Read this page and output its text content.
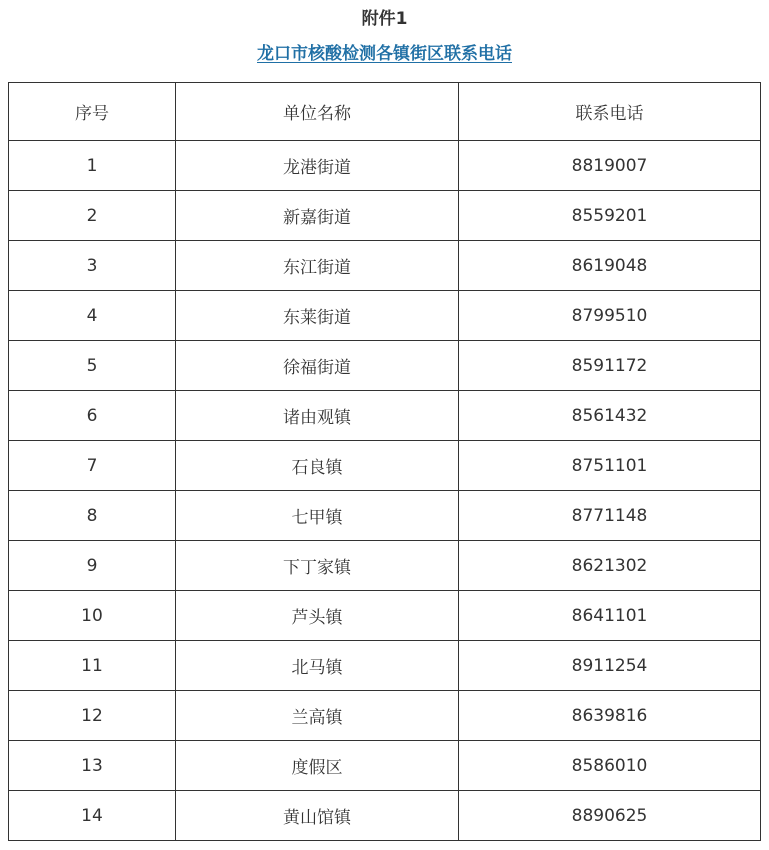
附件1
龙口市核酸检测各镇街区联系电话
序号	单位名称	联系电话
1	龙港街道	8819007
2	新嘉街道	8559201
3	东江街道	8619048
4	东莱街道	8799510
5	徐福街道	8591172
6	诸由观镇	8561432
7	石良镇	8751101
8	七甲镇	8771148
9	下丁家镇	8621302
10	芦头镇	8641101
11	北马镇	8911254
12	兰高镇	8639816
13	度假区	8586010
14	黄山馆镇	8890625
